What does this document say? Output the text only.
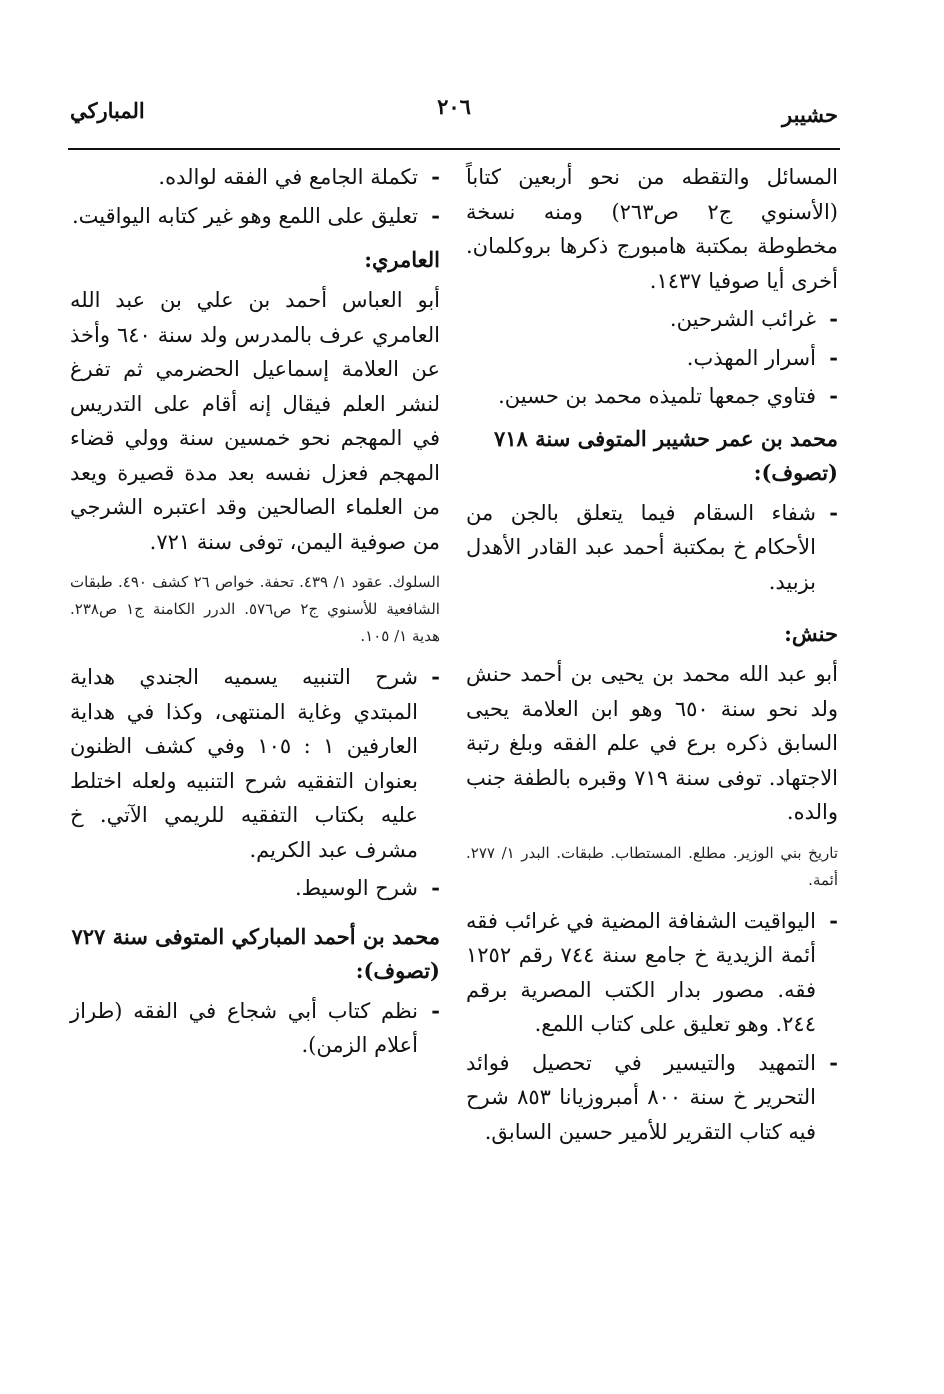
حشيبر
٢٠٦
المباركي

المسائل والتقطه من نحو أربعين كتاباً (الأسنوي ج٢ ص٢٦٣) ومنه نسخة مخطوطة بمكتبة هامبورج ذكرها بروكلمان. أخرى أيا صوفيا ١٤٣٧.

- غرائب الشرحين.
- أسرار المهذب.
- فتاوي جمعها تلميذه محمد بن حسين.
محمد بن عمر حشيبر المتوفى سنة ٧١٨ (تصوف):
- شفاء السقام فيما يتعلق بالجن من الأحكام خ بمكتبة أحمد عبد القادر الأهدل بزبيد.
حنش:

أبو عبد الله محمد بن يحيى بن أحمد حنش ولد نحو سنة ٦٥٠ وهو ابن العلامة يحيى السابق ذكره برع في علم الفقه وبلغ رتبة الاجتهاد. توفى سنة ٧١٩ وقبره بالطفة جنب والده.

تاريخ بني الوزير. مطلع. المستطاب. طبقات. البدر ١/ ٢٧٧. أئمة.

- اليواقيت الشفافة المضية في غرائب فقه أئمة الزيدية خ جامع سنة ٧٤٤ رقم ١٢٥٢ فقه. مصور بدار الكتب المصرية برقم ٢٤٤. وهو تعليق على كتاب اللمع.
- التمهيد والتيسير في تحصيل فوائد التحرير خ سنة ٨٠٠ أمبروزيانا ٨٥٣ شرح فيه كتاب التقرير للأمير حسين السابق.
- تكملة الجامع في الفقه لوالده.
- تعليق على اللمع وهو غير كتابه اليواقيت.
العامري:

أبو العباس أحمد بن علي بن عبد الله العامري عرف بالمدرس ولد سنة ٦٤٠ وأخذ عن العلامة إسماعيل الحضرمي ثم تفرغ لنشر العلم فيقال إنه أقام على التدريس في المهجم نحو خمسين سنة وولي قضاء المهجم فعزل نفسه بعد مدة قصيرة ويعد من العلماء الصالحين وقد اعتبره الشرجي من صوفية اليمن، توفى سنة ٧٢١.

السلوك. عقود ١/ ٤٣٩. تحفة. خواص ٢٦ كشف ٤٩٠. طبقات الشافعية للأسنوي ج٢ ص٥٧٦. الدرر الكامنة ج١ ص٢٣٨. هدية ١/ ١٠٥.

- شرح التنبيه يسميه الجندي هداية المبتدي وغاية المنتهى، وكذا في هداية العارفين ١ : ١٠٥ وفي كشف الظنون بعنوان التفقيه شرح التنبيه ولعله اختلط عليه بكتاب التفقيه للريمي الآتي. خ مشرف عبد الكريم.
- شرح الوسيط.
محمد بن أحمد المباركي المتوفى سنة ٧٢٧ (تصوف):
- نظم كتاب أبي شجاع في الفقه (طراز أعلام الزمن).
